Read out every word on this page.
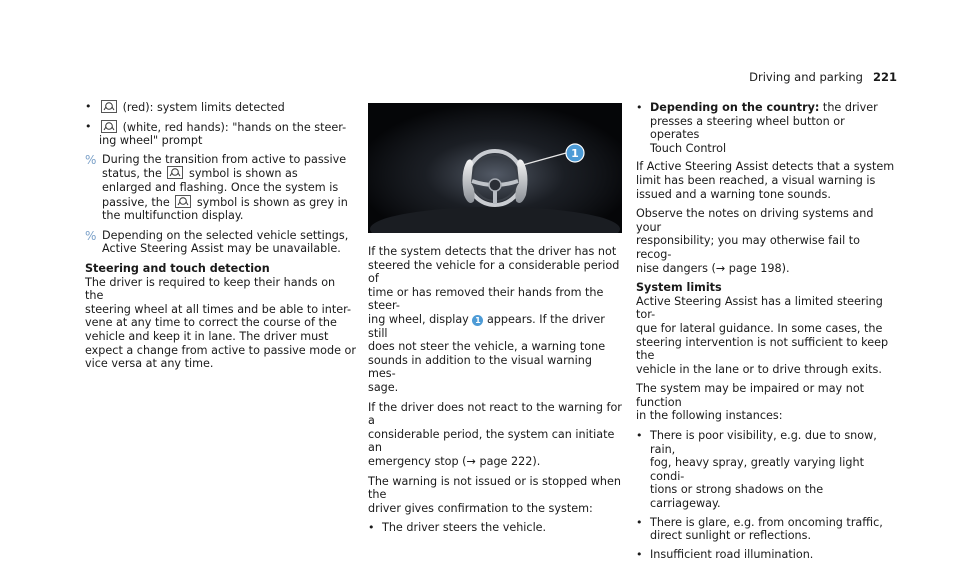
Driving and parking 221
• (red): system limits detected
• (white, red hands): "hands on the steer-
ing wheel" prompt
% During the transition from active to passive
status, the symbol is shown as
enlarged and flashing. Once the system is
passive, the symbol is shown as grey in
the multifunction display.
% Depending on the selected vehicle settings,
Active Steering Assist may be unavailable.
Steering and touch detection
The driver is required to keep their hands on the
steering wheel at all times and be able to inter-
vene at any time to correct the course of the
vehicle and keep it in lane. The driver must
expect a change from active to passive mode or
vice versa at any time.
1
If the system detects that the driver has not
steered the vehicle for a considerable period of
time or has removed their hands from the steer-
ing wheel, display 1 appears. If the driver still
does not steer the vehicle, a warning tone
sounds in addition to the visual warning mes-
sage.
If the driver does not react to the warning for a
considerable period, the system can initiate an
emergency stop (→ page 222).
The warning is not issued or is stopped when the
driver gives confirmation to the system:
• The driver steers the vehicle.
• Depending on the country: the driver
presses a steering wheel button or operates
Touch Control
If Active Steering Assist detects that a system
limit has been reached, a visual warning is
issued and a warning tone sounds.
Observe the notes on driving systems and your
responsibility; you may otherwise fail to recog-
nise dangers (→ page 198).
System limits
Active Steering Assist has a limited steering tor-
que for lateral guidance. In some cases, the
steering intervention is not sufficient to keep the
vehicle in the lane or to drive through exits.
The system may be impaired or may not function
in the following instances:
• There is poor visibility, e.g. due to snow, rain,
fog, heavy spray, greatly varying light condi-
tions or strong shadows on the carriageway.
• There is glare, e.g. from oncoming traffic,
direct sunlight or reflections.
• Insufficient road illumination.
